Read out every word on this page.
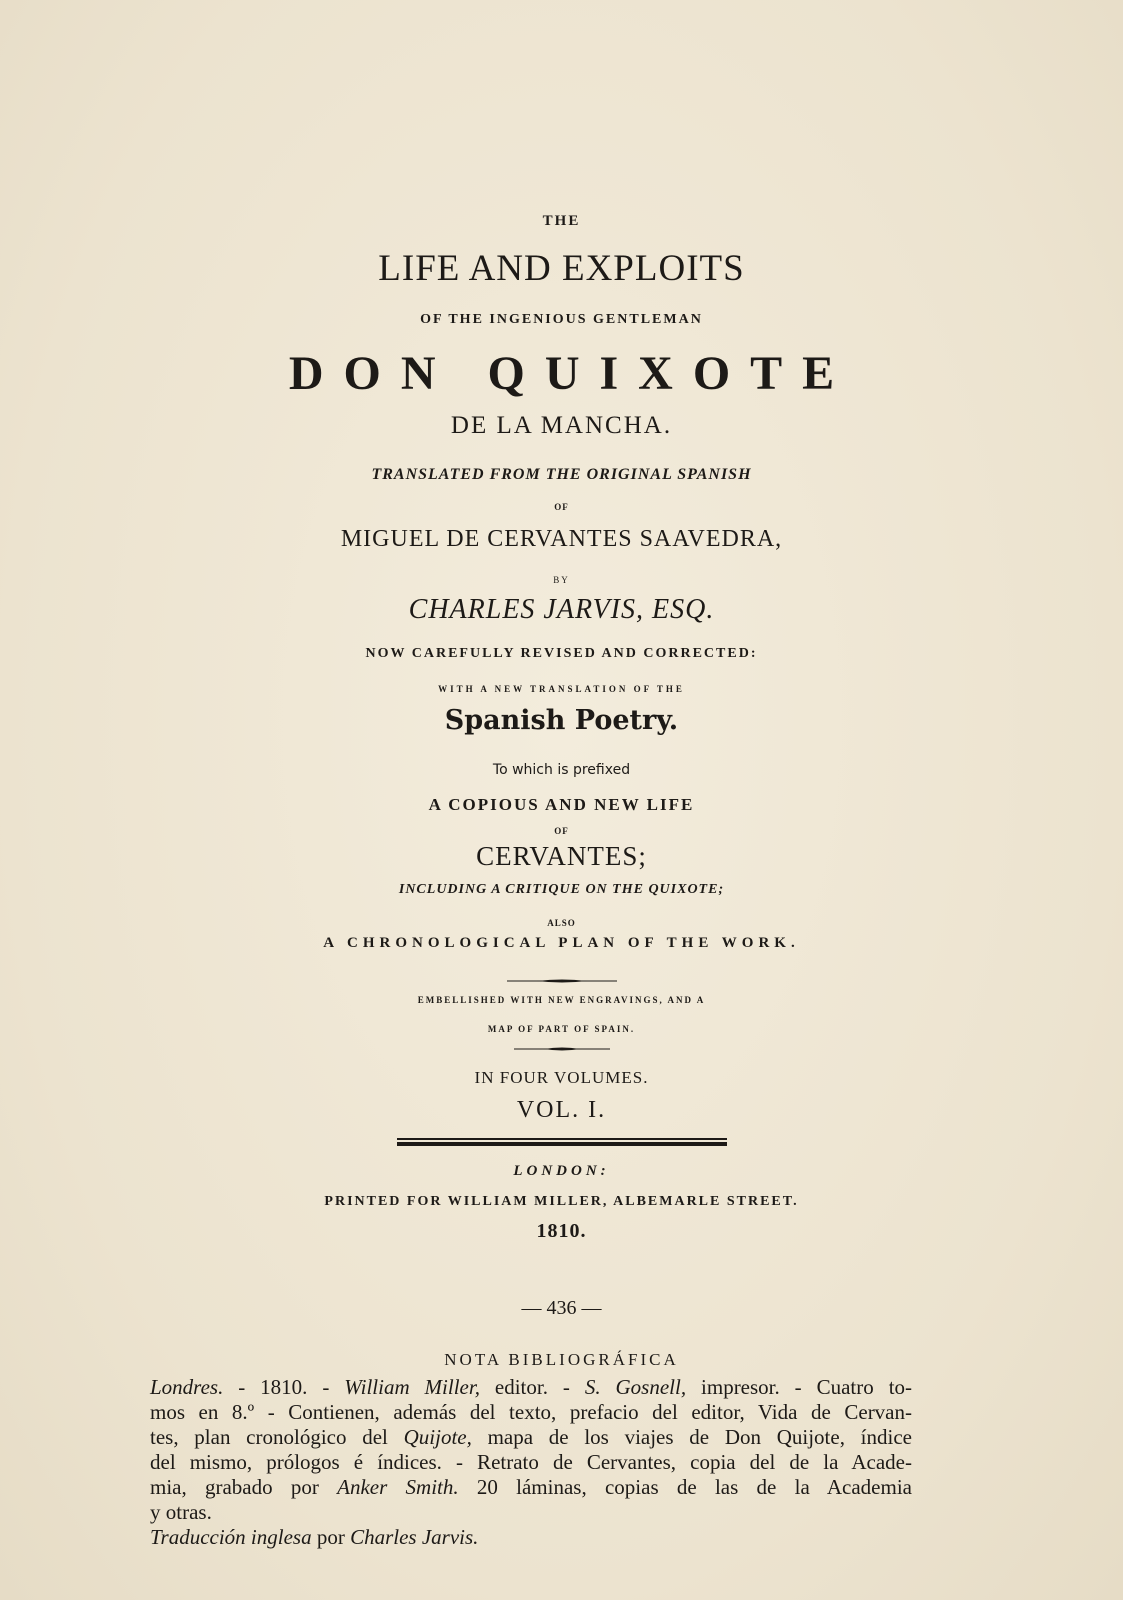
THE
LIFE AND EXPLOITS
OF THE INGENIOUS GENTLEMAN
DON QUIXOTE
DE LA MANCHA.
TRANSLATED FROM THE ORIGINAL SPANISH
OF
MIGUEL DE CERVANTES SAAVEDRA,
BY
CHARLES JARVIS, ESQ.
NOW CAREFULLY REVISED AND CORRECTED:
WITH A NEW TRANSLATION OF THE
Spanish Poetry.
To which is prefixed
A COPIOUS AND NEW LIFE
OF
CERVANTES;
INCLUDING A CRITIQUE ON THE QUIXOTE;
ALSO
A CHRONOLOGICAL PLAN OF THE WORK.
EMBELLISHED WITH NEW ENGRAVINGS, AND A
MAP OF PART OF SPAIN.
IN FOUR VOLUMES.
VOL. I.
LONDON:
PRINTED FOR WILLIAM MILLER, ALBEMARLE STREET.
1810.
— 436 —
NOTA BIBLIOGRÁFICA
Londres. - 1810. - William Miller, editor. - S. Gosnell, impresor. - Cuatro to-
mos en 8.º - Contienen, además del texto, prefacio del editor, Vida de Cervan-
tes, plan cronológico del Quijote, mapa de los viajes de Don Quijote, índice
del mismo, prólogos é índices. - Retrato de Cervantes, copia del de la Acade-
mia, grabado por Anker Smith. 20 láminas, copias de las de la Academia
y otras.
Traducción inglesa por Charles Jarvis.
